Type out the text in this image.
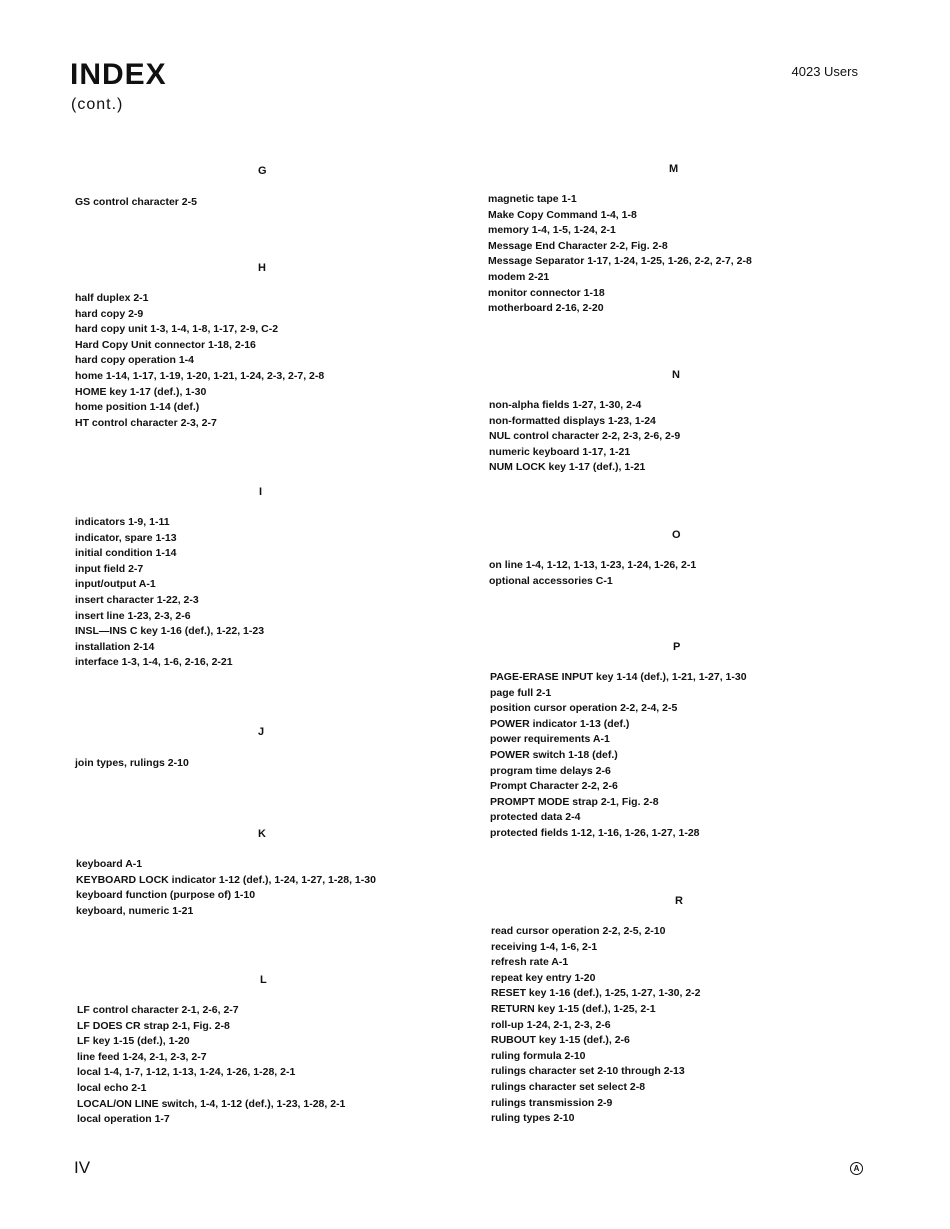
INDEX
(cont.)
4023 Users
G
GS control character 2-5
H
half duplex 2-1
hard copy 2-9
hard copy unit 1-3, 1-4, 1-8, 1-17, 2-9, C-2
Hard Copy Unit connector 1-18, 2-16
hard copy operation 1-4
home 1-14, 1-17, 1-19, 1-20, 1-21, 1-24, 2-3, 2-7, 2-8
HOME key 1-17 (def.), 1-30
home position 1-14 (def.)
HT control character 2-3, 2-7
I
indicators 1-9, 1-11
indicator, spare 1-13
initial condition 1-14
input field 2-7
input/output A-1
insert character 1-22, 2-3
insert line 1-23, 2-3, 2-6
INSL—INS C key 1-16 (def.), 1-22, 1-23
installation 2-14
interface 1-3, 1-4, 1-6, 2-16, 2-21
J
join types, rulings 2-10
K
keyboard A-1
KEYBOARD LOCK indicator 1-12 (def.), 1-24, 1-27, 1-28, 1-30
keyboard function (purpose of) 1-10
keyboard, numeric 1-21
L
LF control character 2-1, 2-6, 2-7
LF DOES CR strap 2-1, Fig. 2-8
LF key 1-15 (def.), 1-20
line feed 1-24, 2-1, 2-3, 2-7
local 1-4, 1-7, 1-12, 1-13, 1-24, 1-26, 1-28, 2-1
local echo 2-1
LOCAL/ON LINE switch, 1-4, 1-12 (def.), 1-23, 1-28, 2-1
local operation 1-7
M
magnetic tape 1-1
Make Copy Command 1-4, 1-8
memory 1-4, 1-5, 1-24, 2-1
Message End Character 2-2, Fig. 2-8
Message Separator 1-17, 1-24, 1-25, 1-26, 2-2, 2-7, 2-8
modem 2-21
monitor connector 1-18
motherboard 2-16, 2-20
N
non-alpha fields 1-27, 1-30, 2-4
non-formatted displays 1-23, 1-24
NUL control character 2-2, 2-3, 2-6, 2-9
numeric keyboard 1-17, 1-21
NUM LOCK key 1-17 (def.), 1-21
O
on line 1-4, 1-12, 1-13, 1-23, 1-24, 1-26, 2-1
optional accessories C-1
P
PAGE-ERASE INPUT key 1-14 (def.), 1-21, 1-27, 1-30
page full 2-1
position cursor operation 2-2, 2-4, 2-5
POWER indicator 1-13 (def.)
power requirements A-1
POWER switch 1-18 (def.)
program time delays 2-6
Prompt Character 2-2, 2-6
PROMPT MODE strap 2-1, Fig. 2-8
protected data 2-4
protected fields 1-12, 1-16, 1-26, 1-27, 1-28
R
read cursor operation 2-2, 2-5, 2-10
receiving 1-4, 1-6, 2-1
refresh rate A-1
repeat key entry 1-20
RESET key 1-16 (def.), 1-25, 1-27, 1-30, 2-2
RETURN key 1-15 (def.), 1-25, 2-1
roll-up 1-24, 2-1, 2-3, 2-6
RUBOUT key 1-15 (def.), 2-6
ruling formula 2-10
rulings character set 2-10 through 2-13
rulings character set select 2-8
rulings transmission 2-9
ruling types 2-10
IV	A
